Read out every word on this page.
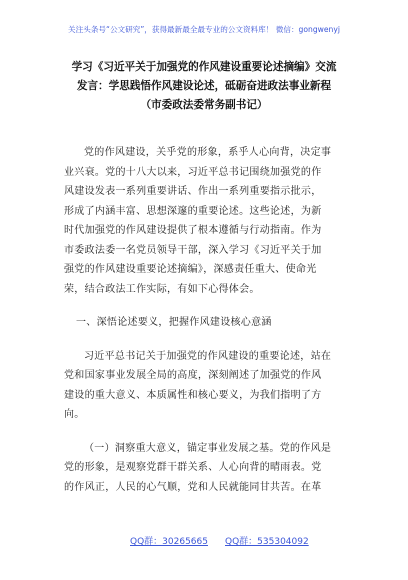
关注头条号“公文研究”，获得最新最全最专业的公文资料库！ 微信：gongwenyj
学习《习近平关于加强党的作风建设重要论述摘编》交流
发言：学思践悟作风建设论述，砥砺奋进政法事业新程
（市委政法委常务副书记）
党的作风建设，关乎党的形象，系乎人心向背，决定事
业兴衰。党的十八大以来，习近平总书记围绕加强党的作
风建设发表一系列重要讲话、作出一系列重要指示批示，
形成了内涵丰富、思想深邃的重要论述。这些论述，为新
时代加强党的作风建设提供了根本遵循与行动指南。作为
市委政法委一名党员领导干部，深入学习《习近平关于加
强党的作风建设重要论述摘编》，深感责任重大、使命光
荣，结合政法工作实际，有如下心得体会。
一、深悟论述要义，把握作风建设核心意涵
习近平总书记关于加强党的作风建设的重要论述，站在
党和国家事业发展全局的高度，深刻阐述了加强党的作风
建设的重大意义、本质属性和核心要义，为我们指明了方
向。
（一）洞察重大意义，锚定事业发展之基。党的作风是
党的形象，是观察党群干群关系、人心向背的晴雨表。党
的作风正，人民的心气顺，党和人民就能同甘共苦。在革
QQ群：30265665 QQ群：535304092
